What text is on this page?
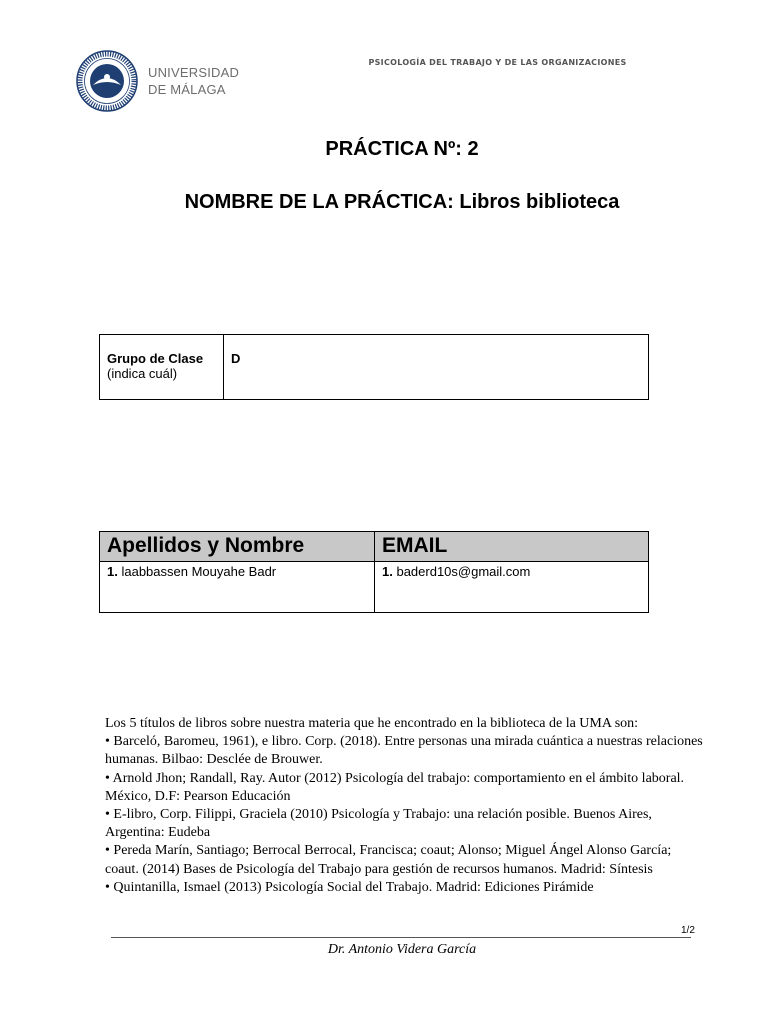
UNIVERSIDAD
DE MÁLAGA
PSICOLOGÍA DEL TRABAJO Y DE LAS ORGANIZACIONES
PRÁCTICA Nº: 2
NOMBRE DE LA PRÁCTICA: Libros biblioteca
Grupo de Clase
(indica cuál)	D
Apellidos y Nombre	EMAIL
1. laabbassen Mouyahe Badr	1. baderd10s@gmail.com

Los 5 títulos de libros sobre nuestra materia que he encontrado en la biblioteca de la UMA son:

• Barceló, Baromeu, 1961), e libro. Corp. (2018). Entre personas una mirada cuántica a nuestras relaciones humanas. Bilbao: Desclée de Brouwer.

• Arnold Jhon; Randall, Ray. Autor (2012) Psicología del trabajo: comportamiento en el ámbito laboral. México, D.F: Pearson Educación

• E-libro, Corp. Filippi, Graciela (2010) Psicología y Trabajo: una relación posible. Buenos Aires, Argentina: Eudeba

• Pereda Marín, Santiago; Berrocal Berrocal, Francisca; coaut; Alonso; Miguel Ángel Alonso García; coaut. (2014) Bases de Psicología del Trabajo para gestión de recursos humanos. Madrid: Síntesis

• Quintanilla, Ismael (2013) Psicología Social del Trabajo. Madrid: Ediciones Pirámide

1/2
Dr. Antonio Videra García
